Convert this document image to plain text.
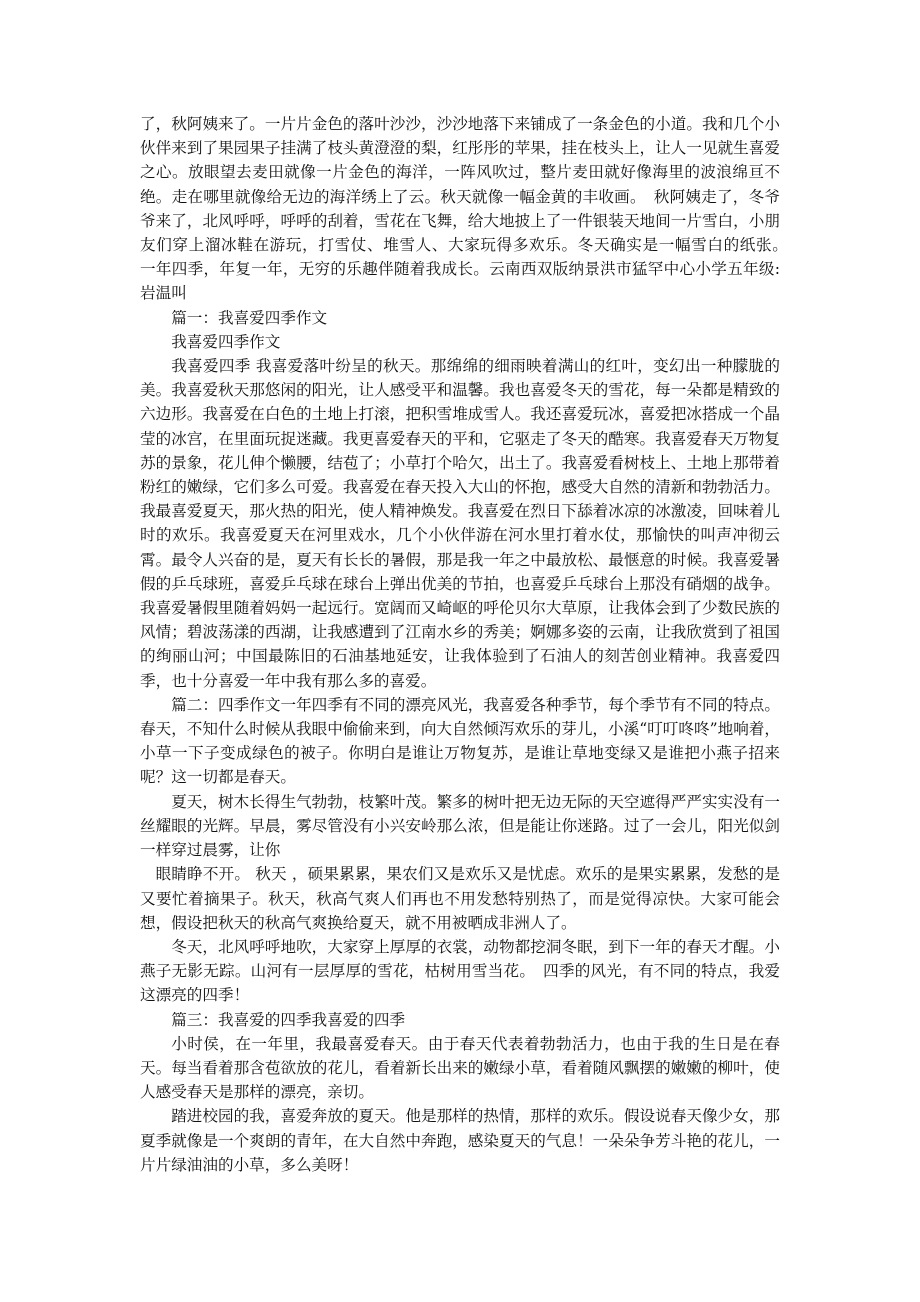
了，秋阿姨来了。一片片金色的落叶沙沙，沙沙地落下来铺成了一条金色的小道。我和几个小伙伴来到了果园果子挂满了枝头黄澄澄的梨，红彤彤的苹果，挂在枝头上，让人一见就生喜爱之心。放眼望去麦田就像一片金色的海洋，一阵风吹过，整片麦田就好像海里的波浪绵亘不绝。走在哪里就像给无边的海洋绣上了云。秋天就像一幅金黄的丰收画。　秋阿姨走了，冬爷爷来了，北风呼呼，呼呼的刮着，雪花在飞舞，给大地披上了一件银装天地间一片雪白，小朋友们穿上溜冰鞋在游玩，打雪仗、堆雪人、大家玩得多欢乐。冬天确实是一幅雪白的纸张。　一年四季，年复一年，无穷的乐趣伴随着我成长。云南西双版纳景洪市猛罕中心小学五年级:岩温叫

篇一：我喜爱四季作文

我喜爱四季作文

我喜爱四季 我喜爱落叶纷呈的秋天。那绵绵的细雨映着满山的红叶，变幻出一种朦胧的美。我喜爱秋天那悠闲的阳光，让人感受平和温馨。我也喜爱冬天的雪花，每一朵都是精致的六边形。我喜爱在白色的土地上打滚，把积雪堆成雪人。我还喜爱玩冰，喜爱把冰搭成一个晶莹的冰宫，在里面玩捉迷藏。我更喜爱春天的平和，它驱走了冬天的酷寒。我喜爱春天万物复苏的景象，花儿伸个懒腰，结苞了；小草打个哈欠，出土了。我喜爱看树枝上、土地上那带着粉红的嫩绿，它们多么可爱。我喜爱在春天投入大山的怀抱，感受大自然的清新和勃勃活力。我最喜爱夏天，那火热的阳光，使人精神焕发。我喜爱在烈日下舔着冰凉的冰激凌，回味着儿时的欢乐。我喜爱夏天在河里戏水，几个小伙伴游在河水里打着水仗，那愉快的叫声冲彻云霄。最令人兴奋的是，夏天有长长的暑假，那是我一年之中最放松、最惬意的时候。我喜爱暑假的乒乓球班，喜爱乒乓球在球台上弹出优美的节拍，也喜爱乒乓球台上那没有硝烟的战争。我喜爱暑假里随着妈妈一起远行。宽阔而又崎岖的呼伦贝尔大草原，让我体会到了少数民族的风情；碧波荡漾的西湖，让我感遭到了江南水乡的秀美；婀娜多姿的云南，让我欣赏到了祖国的绚丽山河；中国最陈旧的石油基地延安，让我体验到了石油人的刻苦创业精神。我喜爱四季，也十分喜爱一年中我有那么多的喜爱。

篇二：四季作文一年四季有不同的漂亮风光，我喜爱各种季节，每个季节有不同的特点。春天，不知什么时候从我眼中偷偷来到，向大自然倾泻欢乐的芽儿，小溪“叮叮咚咚”地响着，小草一下子变成绿色的被子。你明白是谁让万物复苏，是谁让草地变绿又是谁把小燕子招来呢？这一切都是春天。

夏天，树木长得生气勃勃，枝繁叶茂。繁多的树叶把无边无际的天空遮得严严实实没有一丝耀眼的光辉。早晨，雾尽管没有小兴安岭那么浓，但是能让你迷路。过了一会儿，阳光似剑一样穿过晨雾，让你

眼睛睁不开。 秋天 ，硕果累累，果农们又是欢乐又是忧虑。欢乐的是果实累累，发愁的是又要忙着摘果子。秋天，秋高气爽人们再也不用发愁特别热了，而是觉得凉快。大家可能会想，假设把秋天的秋高气爽换给夏天，就不用被晒成非洲人了。

冬天，北风呼呼地吹，大家穿上厚厚的衣裳，动物都挖洞冬眠，到下一年的春天才醒。小燕子无影无踪。山河有一层厚厚的雪花，枯树用雪当花。　四季的风光，有不同的特点，我爱这漂亮的四季！

篇三：我喜爱的四季我喜爱的四季

小时侯，在一年里，我最喜爱春天。由于春天代表着勃勃活力，也由于我的生日是在春天。每当看着那含苞欲放的花儿，看着新长出来的嫩绿小草，看着随风飘摆的嫩嫩的柳叶，使人感受春天是那样的漂亮，亲切。

踏进校园的我，喜爱奔放的夏天。他是那样的热情，那样的欢乐。假设说春天像少女，那夏季就像是一个爽朗的青年，在大自然中奔跑，感染夏天的气息！一朵朵争芳斗艳的花儿，一片片绿油油的小草，多么美呀！
